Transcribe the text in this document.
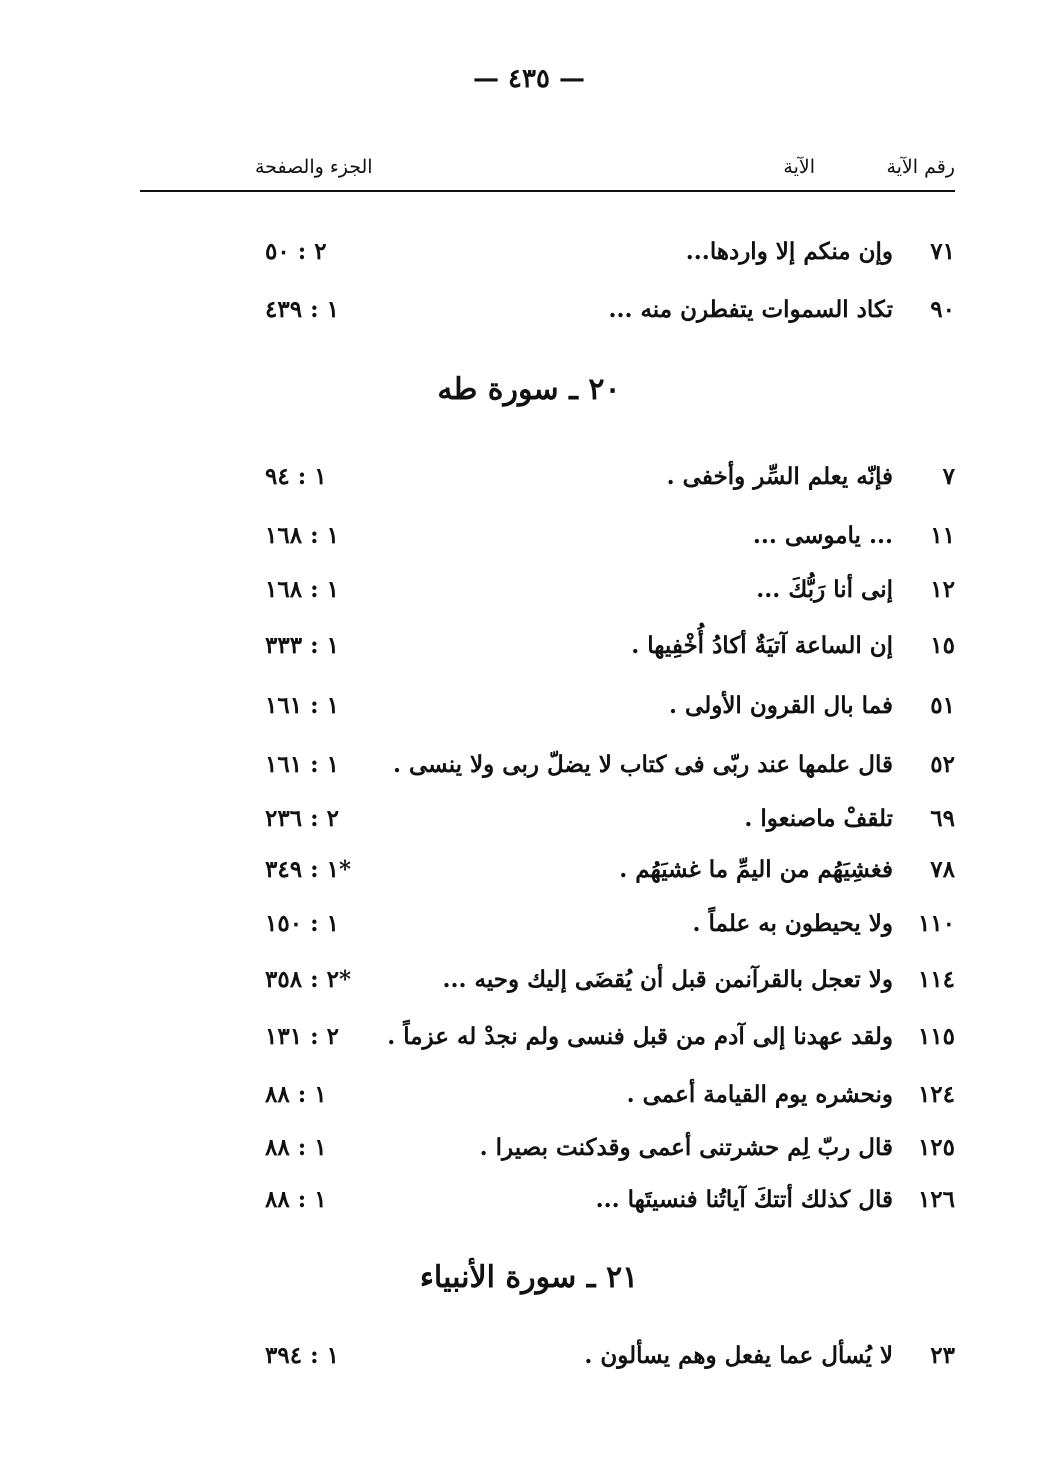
— ٤٣٥ —
رقم الآية
الآية
الجزء والصفحة
٧١
وإن منكم إلا واردها...
٢ : ٥٠
٩٠
تكاد السموات يتفطرن منه ...
١ : ٤٣٩
٢٠ ـ سورة طه
٧
فإنّه يعلم السِّر وأخفى .
١ : ٩٤
١١
... ياموسى ...
١ : ١٦٨
١٢
إنى أنا رَبُّكَ ...
١ : ١٦٨
١٥
إن الساعة آتيَةٌ أكادُ أُخْفِيها .
١ : ٣٣٣
٥١
فما بال القرون الأولى .
١ : ١٦١
٥٢
قال علمها عند ربّى فى كتاب لا يضلّ ربى ولا ينسى .
١ : ١٦١
٦٩
تلقفْ ماصنعوا .
٢ : ٢٣٦
٧٨
فغشِيَهُم من اليمِّ ما غشيَهُم .
١ : ٣٤٩*
١١٠
ولا يحيطون به علماً .
١ : ١٥٠
١١٤
ولا تعجل بالقرآنمن قبل أن يُقضَى إليك وحيه ...
٢ : ٣٥٨*
١١٥
ولقد عهدنا إلى آدم من قبل فنسى ولم نجدْ له عزماً .
٢ : ١٣١
١٢٤
ونحشره يوم القيامة أعمى .
١ : ٨٨
١٢٥
قال ربّ لِم حشرتنى أعمى وقدكنت بصيرا .
١ : ٨٨
١٢٦
قال كذلك أتتكَ آياتُنا فنسيتَها ...
١ : ٨٨
٢١ ـ سورة الأنبياء
٢٣
لا يُسأل عما يفعل وهم يسألون .
١ : ٣٩٤
